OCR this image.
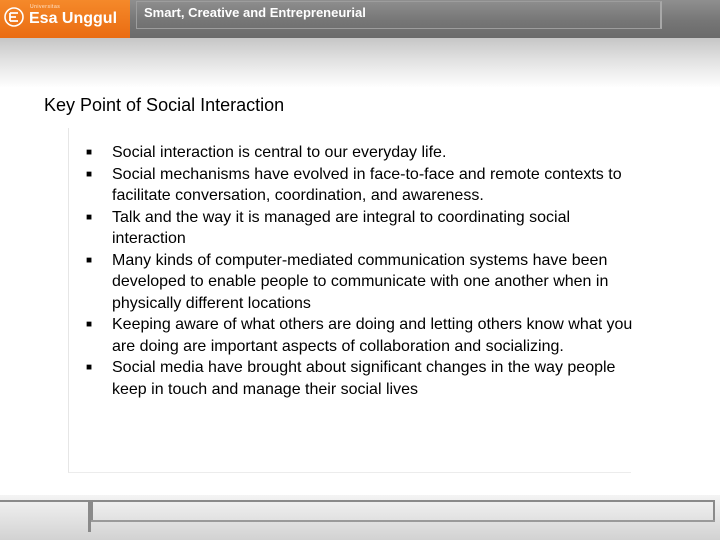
Universitas
Esa Unggul Smart, Creative and Entrepreneurial
Key Point of Social Interaction
■ Social interaction is central to our everyday life.
■ Social mechanisms have evolved in face-to-face and remote contexts to facilitate conversation, coordination, and awareness.
■ Talk and the way it is managed are integral to coordinating social interaction
■ Many kinds of computer-mediated communication systems have been developed to enable people to communicate with one another when in physically different locations
■ Keeping aware of what others are doing and letting others know what you are doing are important aspects of collaboration and socializing.
■ Social media have brought about significant changes in the way people keep in touch and manage their social lives
